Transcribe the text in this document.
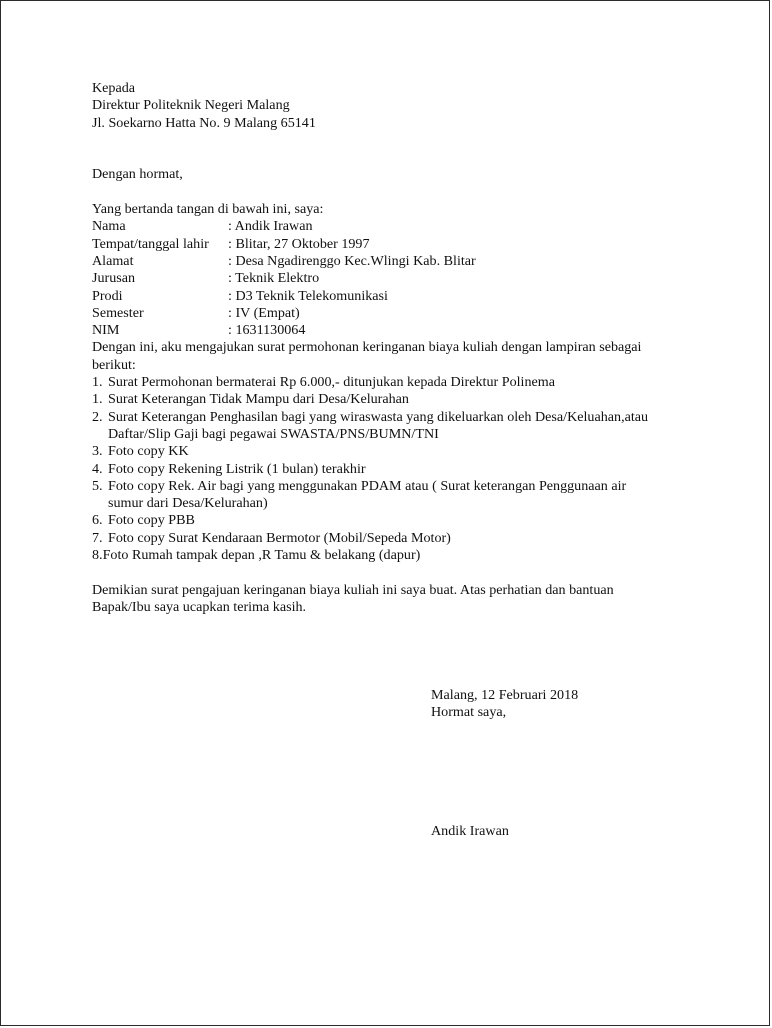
Kepada
Direktur Politeknik Negeri Malang
Jl. Soekarno Hatta No. 9 Malang 65141
Dengan hormat,
Yang bertanda tangan di bawah ini, saya:
Nama	: Andik Irawan
Tempat/tanggal lahir	: Blitar, 27 Oktober 1997
Alamat	: Desa Ngadirenggo Kec.Wlingi Kab. Blitar
Jurusan	: Teknik Elektro
Prodi	: D3 Teknik Telekomunikasi
Semester	: IV (Empat)
NIM	: 1631130064
Dengan ini, aku mengajukan surat permohonan keringanan biaya kuliah dengan lampiran sebagai
berikut:
1. Surat Permohonan bermaterai Rp 6.000,- ditunjukan kepada Direktur Polinema
1. Surat Keterangan Tidak Mampu dari Desa/Kelurahan
2. Surat Keterangan Penghasilan bagi yang wiraswasta yang dikeluarkan oleh Desa/Keluahan,atau
Daftar/Slip Gaji bagi pegawai SWASTA/PNS/BUMN/TNI
3. Foto copy KK
4. Foto copy Rekening Listrik (1 bulan) terakhir
5. Foto copy Rek. Air bagi yang menggunakan PDAM atau ( Surat keterangan Penggunaan air
sumur dari Desa/Kelurahan)
6. Foto copy PBB
7. Foto copy Surat Kendaraan Bermotor (Mobil/Sepeda Motor)
8. Foto Rumah tampak depan ,R Tamu & belakang (dapur)
Demikian surat pengajuan keringanan biaya kuliah ini saya buat. Atas perhatian dan bantuan
Bapak/Ibu saya ucapkan terima kasih.
Malang, 12 Februari 2018
Hormat saya,
Andik Irawan
